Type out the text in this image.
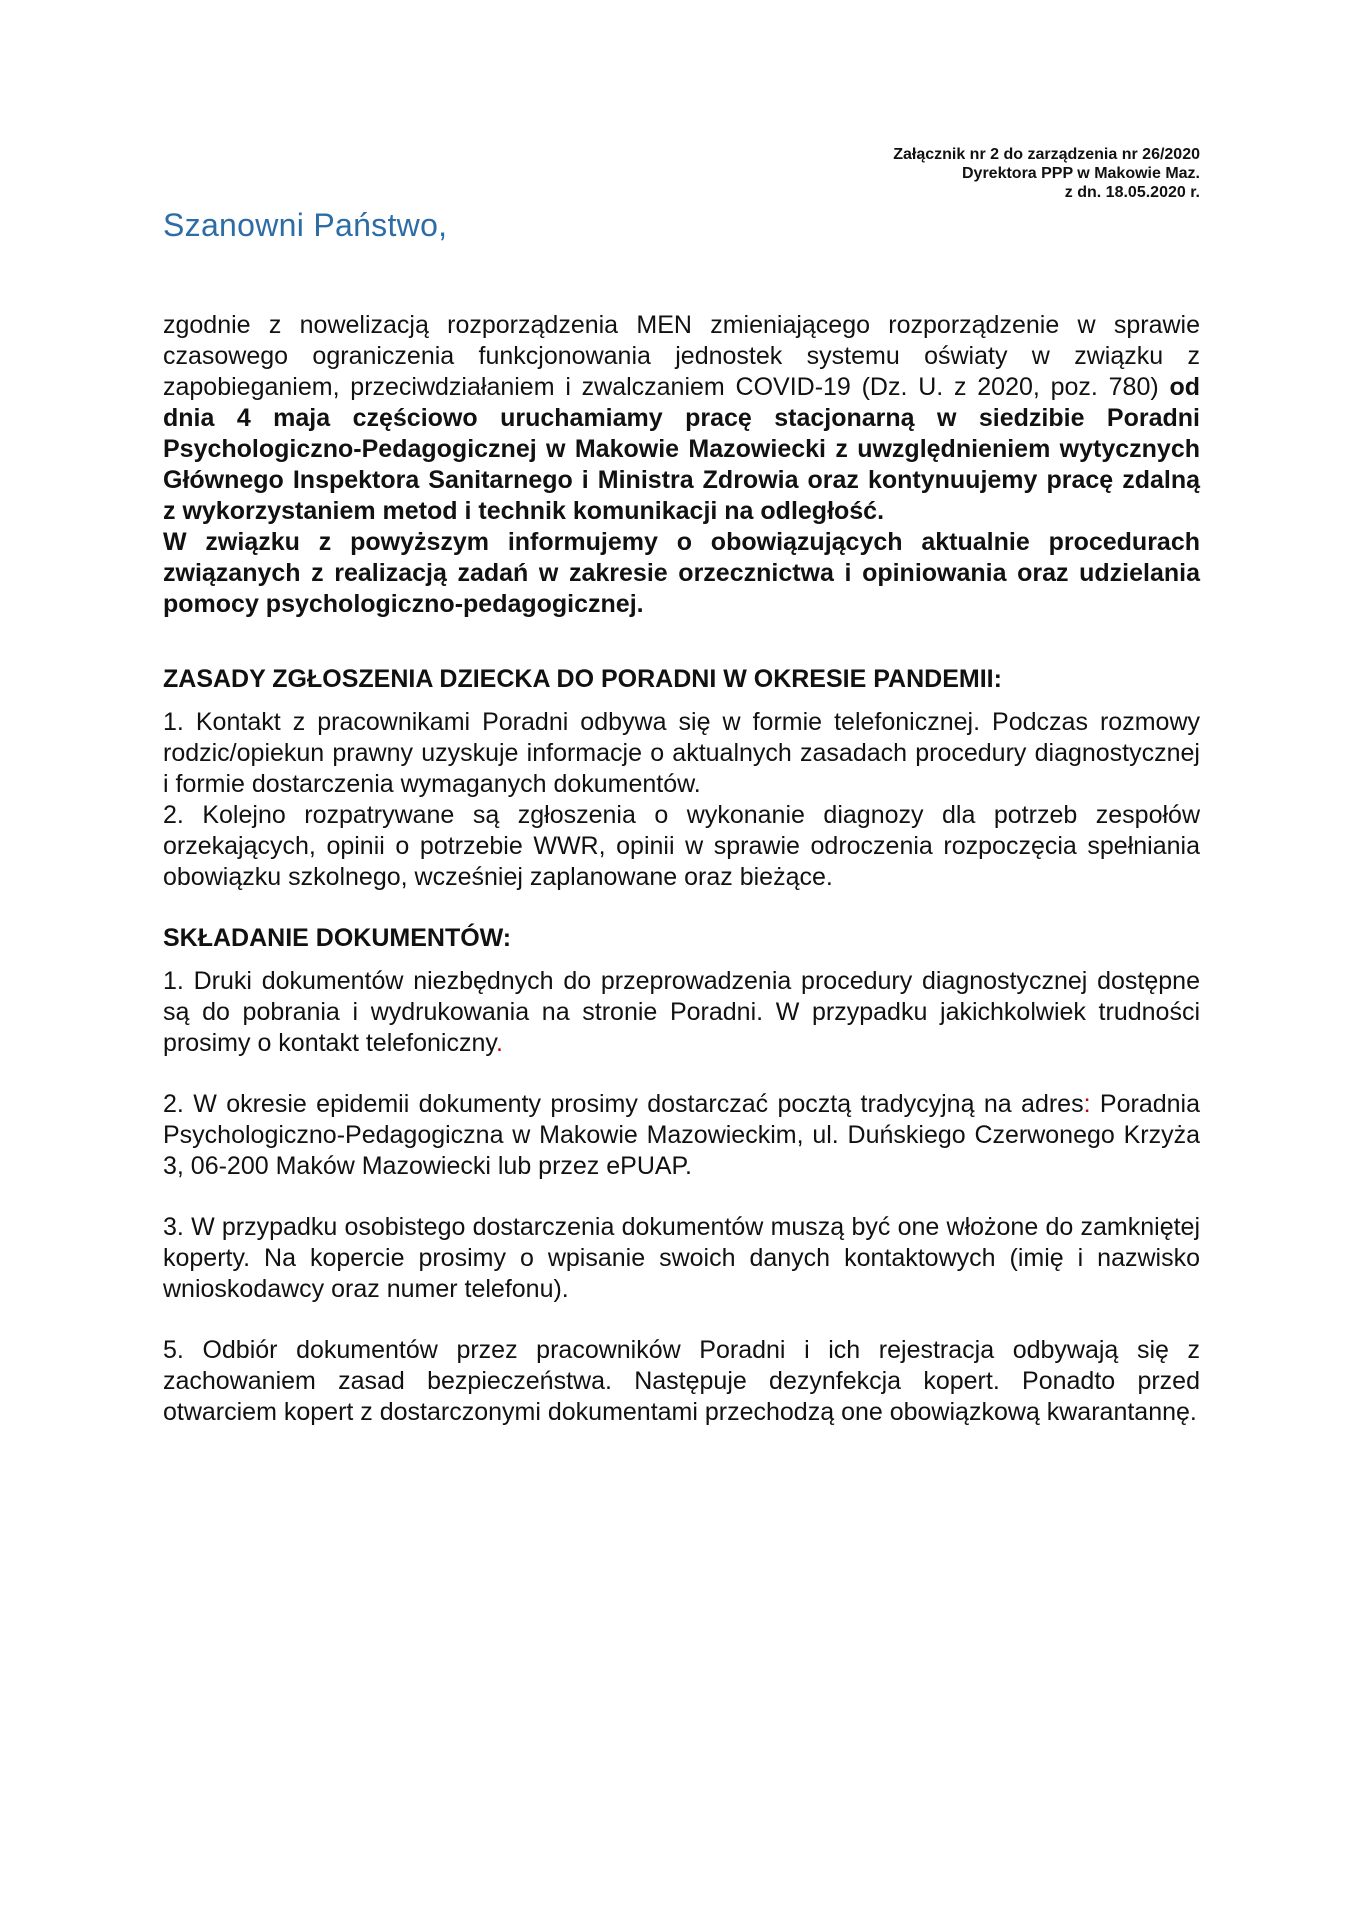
Załącznik nr 2 do zarządzenia nr 26/2020
Dyrektora PPP w Makowie Maz.
z dn. 18.05.2020 r.
Szanowni Państwo,

zgodnie z nowelizacją rozporządzenia MEN zmieniającego rozporządzenie w sprawie czasowego ograniczenia funkcjonowania jednostek systemu oświaty w związku z zapobieganiem, przeciwdziałaniem i zwalczaniem COVID-19 (Dz. U. z 2020, poz. 780) od dnia 4 maja częściowo uruchamiamy pracę stacjonarną w siedzibie Poradni Psychologiczno-Pedagogicznej w Makowie Mazowiecki z uwzględnieniem wytycznych Głównego Inspektora Sanitarnego i Ministra Zdrowia oraz kontynuujemy pracę zdalną z wykorzystaniem metod i technik komunikacji na odległość.

W związku z powyższym informujemy o obowiązujących aktualnie procedurach związanych z realizacją zadań w zakresie orzecznictwa i opiniowania oraz udzielania pomocy psychologiczno-pedagogicznej.

ZASADY ZGŁOSZENIA DZIECKA DO PORADNI W OKRESIE PANDEMII:

1. Kontakt z pracownikami Poradni odbywa się w formie telefonicznej. Podczas rozmowy rodzic/opiekun prawny uzyskuje informacje o aktualnych zasadach procedury diagnostycznej i formie dostarczenia wymaganych dokumentów.

2. Kolejno rozpatrywane są zgłoszenia o wykonanie diagnozy dla potrzeb zespołów orzekających, opinii o potrzebie WWR, opinii w sprawie odroczenia rozpoczęcia spełniania obowiązku szkolnego, wcześniej zaplanowane oraz bieżące.

SKŁADANIE DOKUMENTÓW:

1. Druki dokumentów niezbędnych do przeprowadzenia procedury diagnostycznej dostępne są do pobrania i wydrukowania na stronie Poradni. W przypadku jakichkolwiek trudności prosimy o kontakt telefoniczny.

2. W okresie epidemii dokumenty prosimy dostarczać pocztą tradycyjną na adres: Poradnia Psychologiczno-Pedagogiczna w Makowie Mazowieckim, ul. Duńskiego Czerwonego Krzyża 3, 06-200 Maków Mazowiecki lub przez ePUAP.

3. W przypadku osobistego dostarczenia dokumentów muszą być one włożone do zamkniętej koperty. Na kopercie prosimy o wpisanie swoich danych kontaktowych (imię i nazwisko wnioskodawcy oraz numer telefonu).

5. Odbiór dokumentów przez pracowników Poradni i ich rejestracja odbywają się z zachowaniem zasad bezpieczeństwa. Następuje dezynfekcja kopert. Ponadto przed otwarciem kopert z dostarczonymi dokumentami przechodzą one obowiązkową kwarantannę.
